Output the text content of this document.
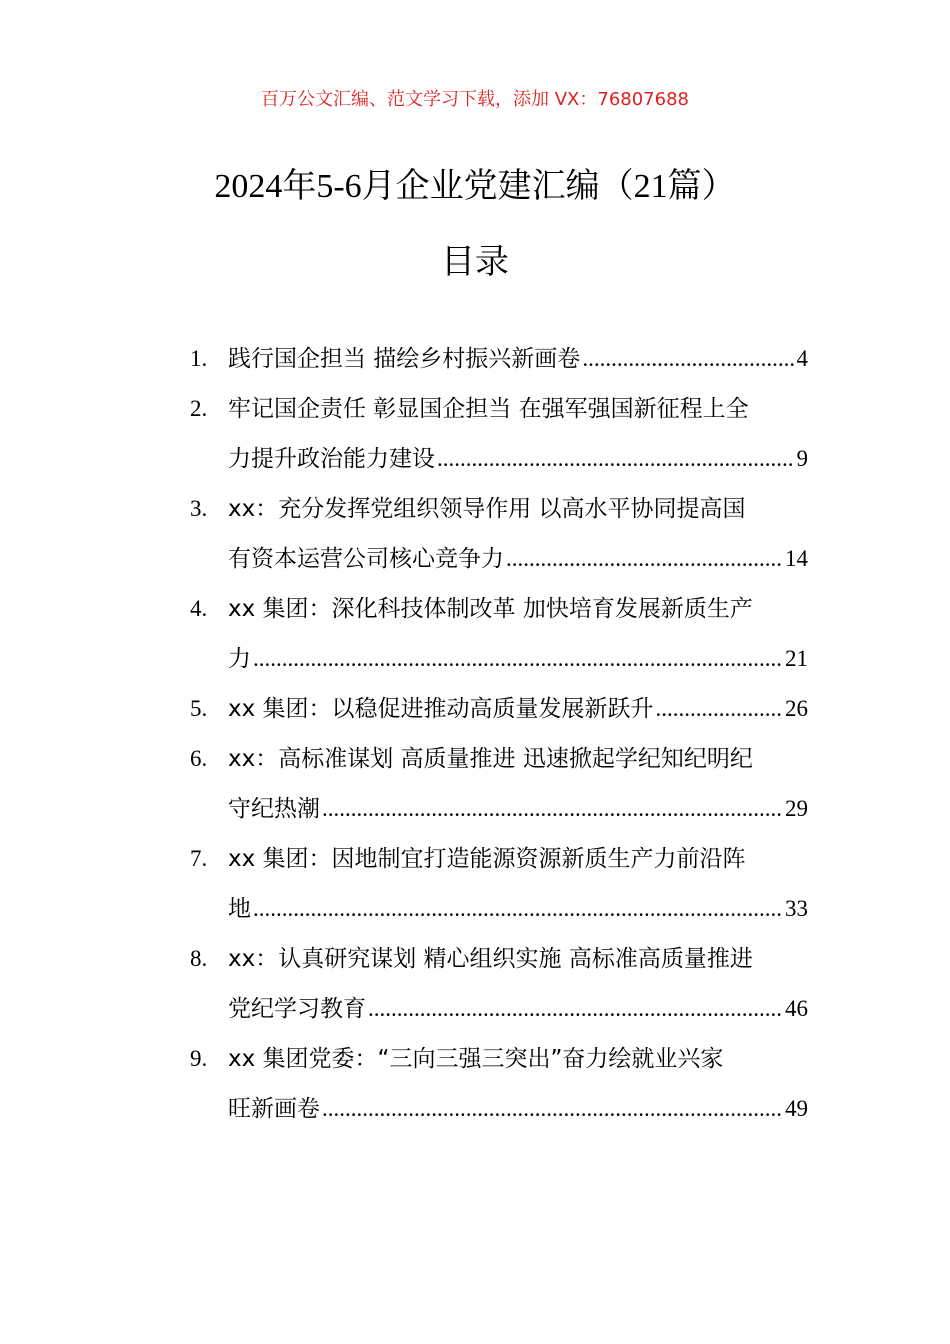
百万公文汇编、范文学习下载，添加 VX：76807688
2024年5-6月企业党建汇编（21篇）
目录
1. 践行国企担当 描绘乡村振兴新画卷 .....	4
2. 牢记国企责任 彰显国企担当 在强军强国新征程上全
力提升政治能力建设 .....	9
3. xx：充分发挥党组织领导作用 以高水平协同提高国
有资本运营公司核心竞争力 .....	14
4. xx 集团：深化科技体制改革 加快培育发展新质生产
力 .....	21
5. xx 集团：以稳促进推动高质量发展新跃升 .....	26
6. xx：高标准谋划 高质量推进 迅速掀起学纪知纪明纪
守纪热潮 .....	29
7. xx 集团：因地制宜打造能源资源新质生产力前沿阵
地 .....	33
8. xx：认真研究谋划 精心组织实施 高标准高质量推进
党纪学习教育 .....	46
9. xx 集团党委：“三向三强三突出”奋力绘就业兴家
旺新画卷 .....	49
